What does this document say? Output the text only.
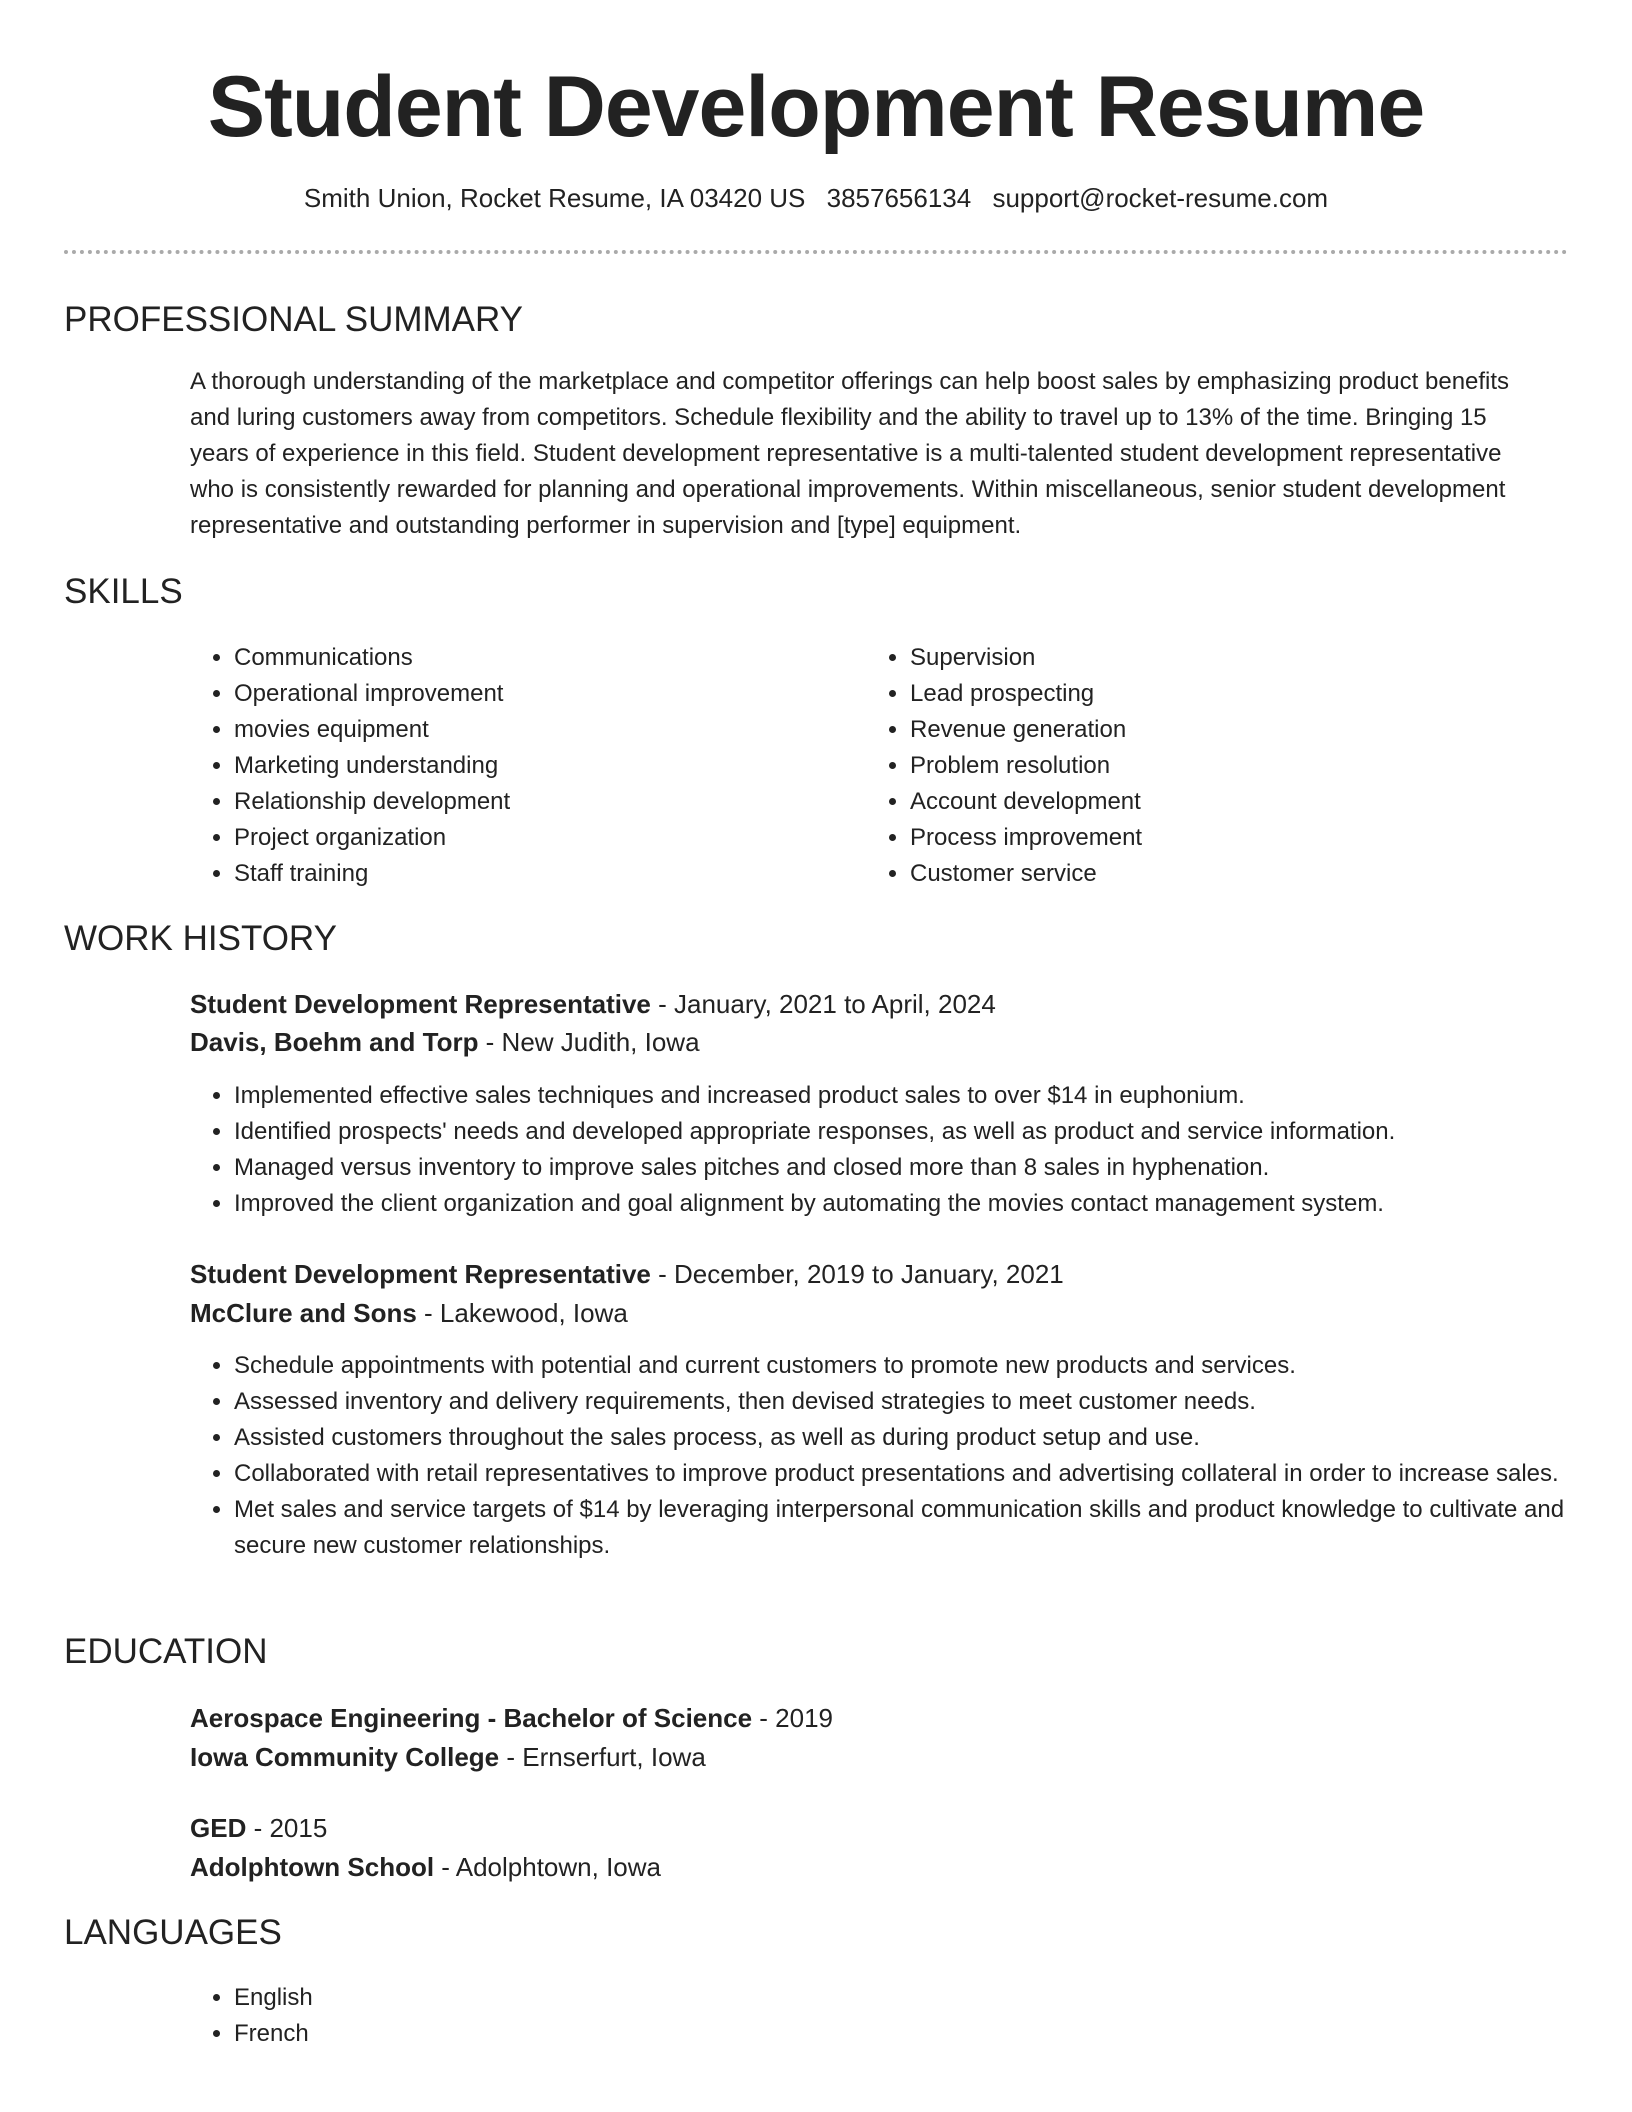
Student Development Resume
Smith Union, Rocket Resume, IA 03420 US 3857656134 support@rocket-resume.com
PROFESSIONAL SUMMARY

A thorough understanding of the marketplace and competitor offerings can help boost sales by emphasizing product benefits and luring customers away from competitors. Schedule flexibility and the ability to travel up to 13% of the time. Bringing 15 years of experience in this field. Student development representative is a multi-talented student development representative who is consistently rewarded for planning and operational improvements. Within miscellaneous, senior student development representative and outstanding performer in supervision and [type] equipment.

SKILLS
• Communications
• Operational improvement
• movies equipment
• Marketing understanding
• Relationship development
• Project organization
• Staff training
• Supervision
• Lead prospecting
• Revenue generation
• Problem resolution
• Account development
• Process improvement
• Customer service
WORK HISTORY
Student Development Representative - January, 2021 to April, 2024
Davis, Boehm and Torp - New Judith, Iowa
• Implemented effective sales techniques and increased product sales to over $14 in euphonium.
• Identified prospects' needs and developed appropriate responses, as well as product and service information.
• Managed versus inventory to improve sales pitches and closed more than 8 sales in hyphenation.
• Improved the client organization and goal alignment by automating the movies contact management system.
Student Development Representative - December, 2019 to January, 2021
McClure and Sons - Lakewood, Iowa
• Schedule appointments with potential and current customers to promote new products and services.
• Assessed inventory and delivery requirements, then devised strategies to meet customer needs.
• Assisted customers throughout the sales process, as well as during product setup and use.
• Collaborated with retail representatives to improve product presentations and advertising collateral in order to increase sales.
• Met sales and service targets of $14 by leveraging interpersonal communication skills and product knowledge to cultivate and secure new customer relationships.
EDUCATION
Aerospace Engineering - Bachelor of Science - 2019
Iowa Community College - Ernserfurt, Iowa
GED - 2015
Adolphtown School - Adolphtown, Iowa
LANGUAGES
• English
• French
